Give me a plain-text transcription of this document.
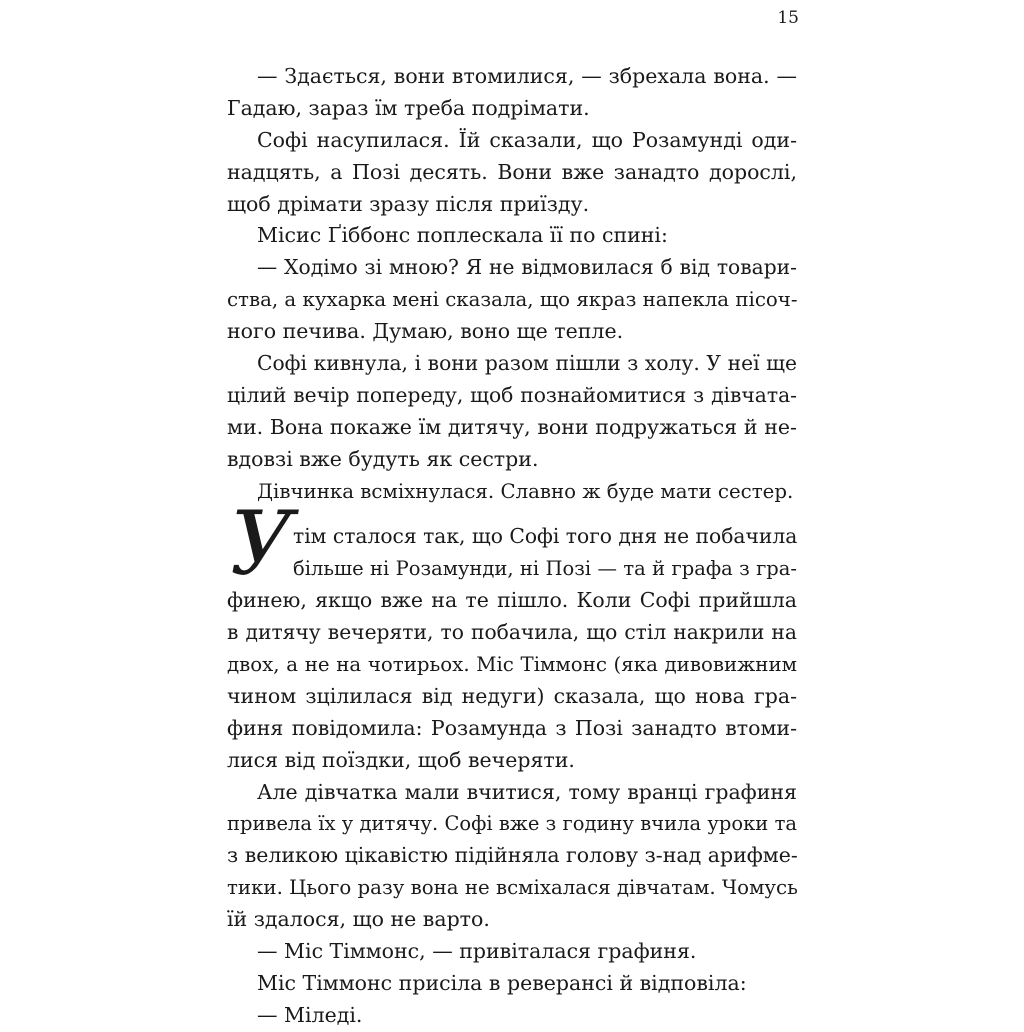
15
— Здається, вони втомилися, — збрехала вона. —
Гадаю, зараз їм треба подрімати.
Софі насупилася. Їй сказали, що Розамунді оди-
надцять, а Позі десять. Вони вже занадто дорослі,
щоб дрімати зразу після приїзду.
Місис Ґіббонс поплескала її по спині:
— Ходімо зі мною? Я не відмовилася б від товари-
ства, а кухарка мені сказала, що якраз напекла пісоч-
ного печива. Думаю, воно ще тепле.
Софі кивнула, і вони разом пішли з холу. У неї ще
цілий вечір попереду, щоб познайомитися з дівчата-
ми. Вона покаже їм дитячу, вони подружаться й не-
вдовзі вже будуть як сестри.
Дівчинка всміхнулася. Славно ж буде мати сестер.
тім сталося так, що Софі того дня не побачила
більше ні Розамунди, ні Позі — та й графа з гра-
финею, якщо вже на те пішло. Коли Софі прийшла
в дитячу вечеряти, то побачила, що стіл накрили на
двох, а не на чотирьох. Міс Тіммонс (яка дивовижним
чином зцілилася від недуги) сказала, що нова гра-
финя повідомила: Розамунда з Позі занадто втоми-
лися від поїздки, щоб вечеряти.
Але дівчатка мали вчитися, тому вранці графиня
привела їх у дитячу. Софі вже з годину вчила уроки та
з великою цікавістю підійняла голову з-над арифме-
тики. Цього разу вона не всміхалася дівчатам. Чомусь
їй здалося, що не варто.
— Міс Тіммонс, — привіталася графиня.
Міс Тіммонс присіла в реверансі й відповіла:
— Міледі.
У
